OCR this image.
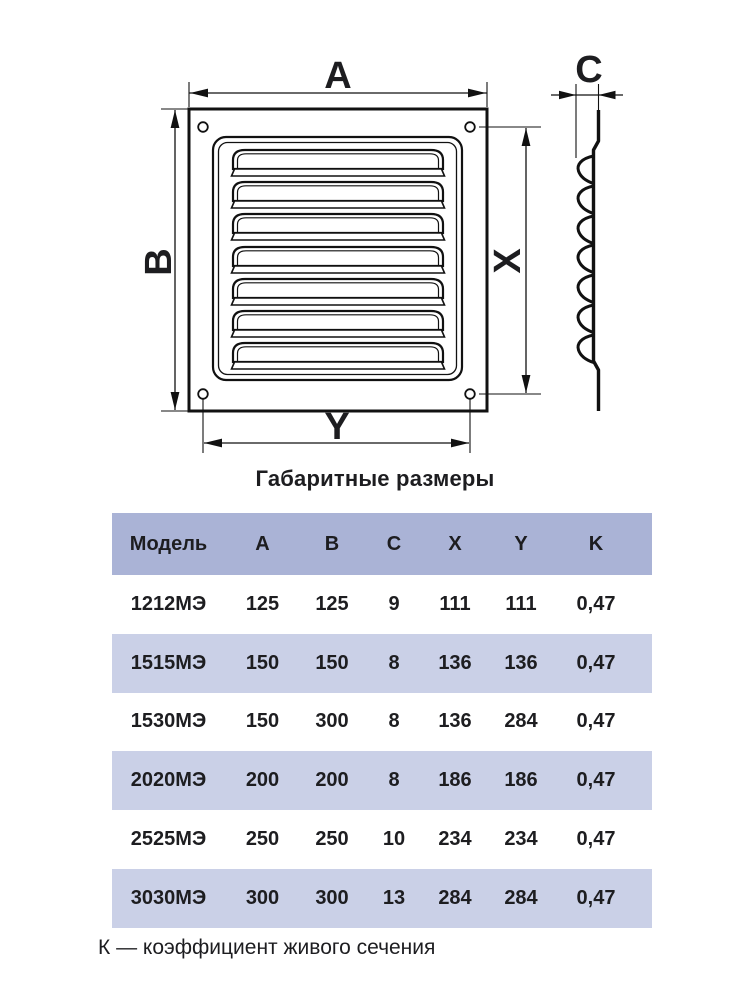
A
B	X
Y
C
Габаритные размеры
Модель	A	B	C	X	Y	K
1212МЭ	125	125	9	111	111	0,47
1515МЭ	150	150	8	136	136	0,47
1530МЭ	150	300	8	136	284	0,47
2020МЭ	200	200	8	186	186	0,47
2525МЭ	250	250	10	234	234	0,47
3030МЭ	300	300	13	284	284	0,47
К — коэффициент живого сечения
